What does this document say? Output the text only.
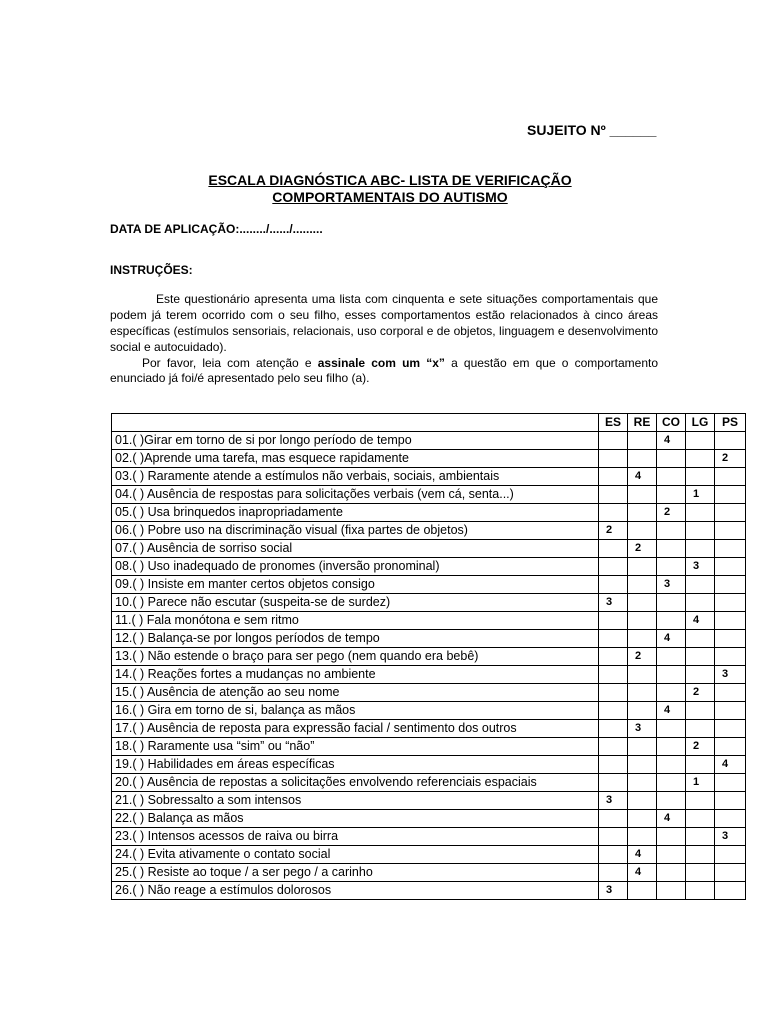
SUJEITO Nº ______
ESCALA DIAGNÓSTICA ABC- LISTA DE VERIFICAÇÃO
COMPORTAMENTAIS DO AUTISMO
DATA DE APLICAÇÃO:......../....../.........
INSTRUÇÕES:

Este questionário apresenta uma lista com cinquenta e sete situações comportamentais que podem já terem ocorrido com o seu filho, esses comportamentos estão relacionados à cinco áreas específicas (estímulos sensoriais, relacionais, uso corporal e de objetos, linguagem e desenvolvimento social e autocuidado).

Por favor, leia com atenção e assinale com um “x” a questão em que o comportamento enunciado já foi/é apresentado pelo seu filho (a).

	ES	RE	CO	LG	PS
01.( )Girar em torno de si por longo período de tempo			4		
02.( )Aprende uma tarefa, mas esquece rapidamente					2
03.( ) Raramente atende a estímulos não verbais, sociais, ambientais		4			
04.( ) Ausência de respostas para solicitações verbais (vem cá, senta...)				1	
05.( ) Usa brinquedos inapropriadamente			2		
06.( ) Pobre uso na discriminação visual (fixa partes de objetos)	2				
07.( ) Ausência de sorriso social		2			
08.( ) Uso inadequado de pronomes (inversão pronominal)				3	
09.( ) Insiste em manter certos objetos consigo			3		
10.( ) Parece não escutar (suspeita-se de surdez)	3				
11.( ) Fala monótona e sem ritmo				4	
12.( ) Balança-se por longos períodos de tempo			4		
13.( ) Não estende o braço para ser pego (nem quando era bebê)		2			
14.( ) Reações fortes a mudanças no ambiente					3
15.( ) Ausência de atenção ao seu nome				2	
16.( ) Gira em torno de si, balança as mãos			4		
17.( ) Ausência de reposta para expressão facial / sentimento dos outros		3			
18.( ) Raramente usa “sim” ou “não”				2	
19.( ) Habilidades em áreas específicas					4
20.( ) Ausência de repostas a solicitações envolvendo referenciais espaciais				1	
21.( ) Sobressalto a som intensos	3				
22.( ) Balança as mãos			4		
23.( ) Intensos acessos de raiva ou birra					3
24.( ) Evita ativamente o contato social		4			
25.( ) Resiste ao toque / a ser pego / a carinho		4			
26.( ) Não reage a estímulos dolorosos	3				
